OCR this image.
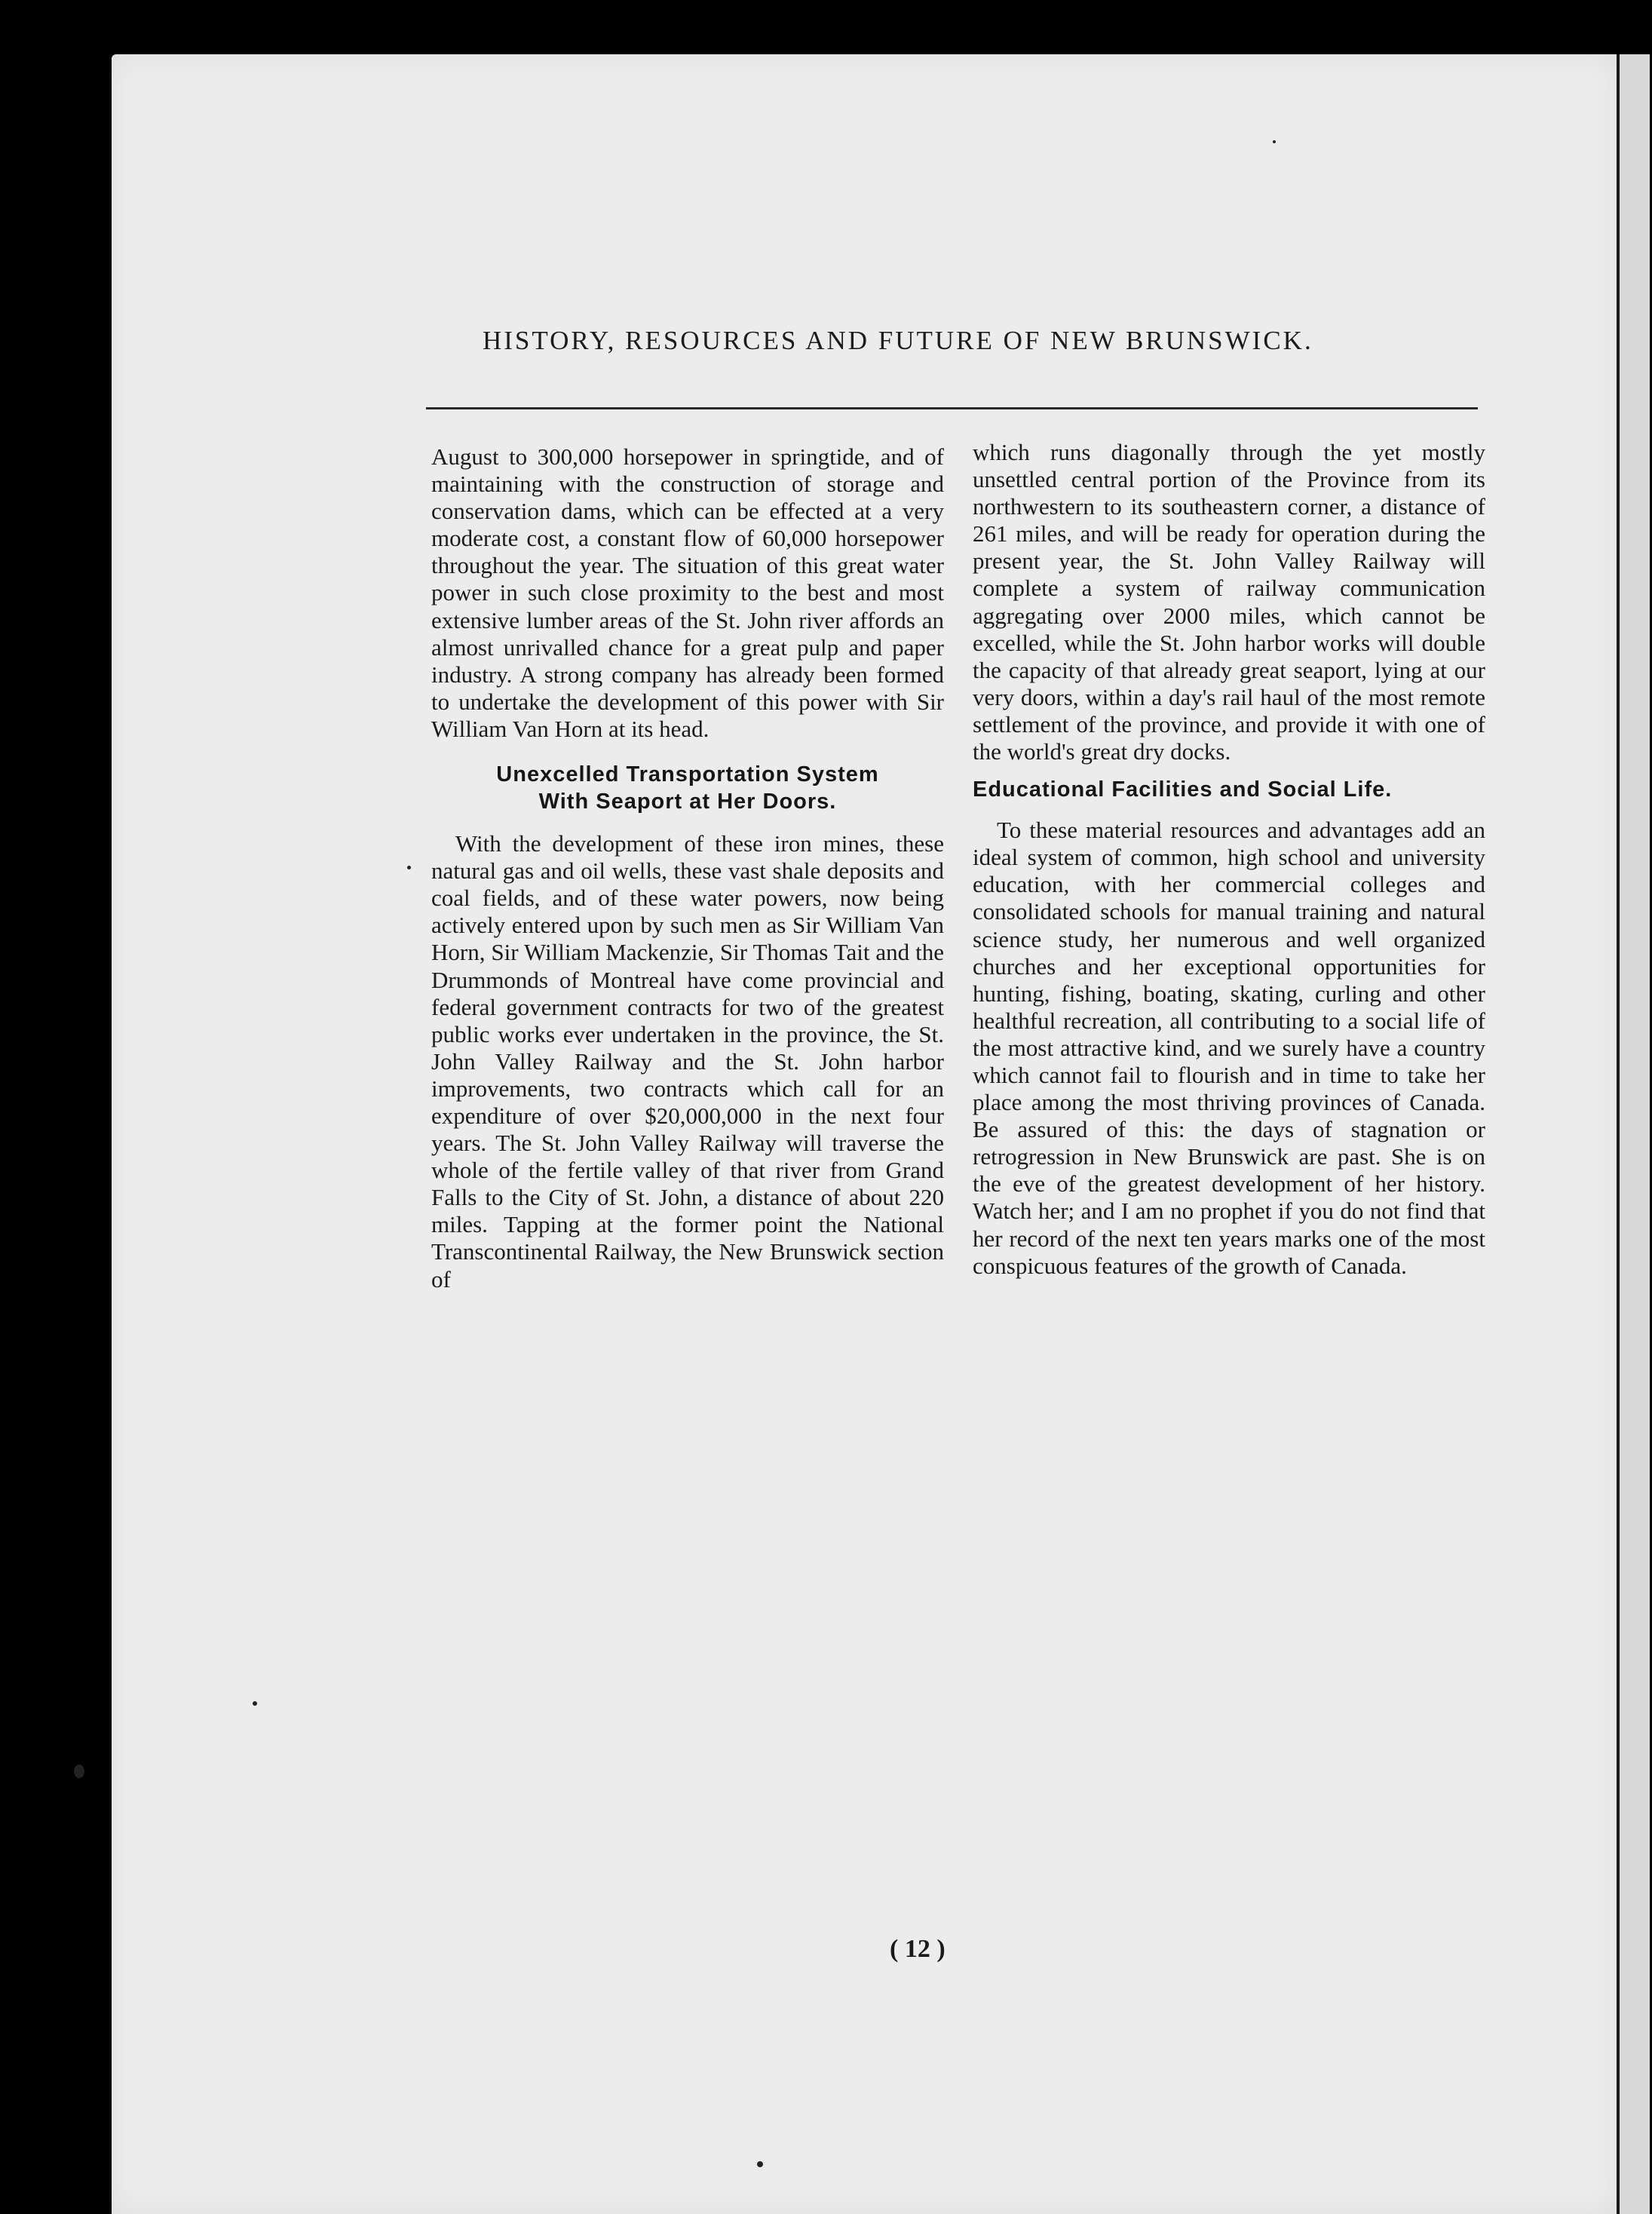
HISTORY, RESOURCES AND FUTURE OF NEW BRUNSWICK.

August to 300,000 horsepower in springtide, and of maintaining with the construction of storage and conservation dams, which can be effected at a very moderate cost, a constant flow of 60,000 horsepower throughout the year. The situation of this great water power in such close proximity to the best and most extensive lumber areas of the St. John river affords an almost unrivalled chance for a great pulp and paper industry. A strong company has already been formed to undertake the development of this power with Sir William Van Horn at its head.

Unexcelled Transportation System
With Seaport at Her Doors.

With the development of these iron mines, these natural gas and oil wells, these vast shale deposits and coal fields, and of these water powers, now being actively entered upon by such men as Sir William Van Horn, Sir William Mackenzie, Sir Thomas Tait and the Drummonds of Montreal have come provincial and federal government contracts for two of the greatest public works ever undertaken in the province, the St. John Valley Railway and the St. John harbor improvements, two contracts which call for an expenditure of over $20,000,000 in the next four years. The St. John Valley Railway will traverse the whole of the fertile valley of that river from Grand Falls to the City of St. John, a distance of about 220 miles. Tapping at the former point the National Transcontinental Railway, the New Brunswick section of

which runs diagonally through the yet mostly unsettled central portion of the Province from its northwestern to its southeastern corner, a distance of 261 miles, and will be ready for operation during the present year, the St. John Valley Railway will complete a system of railway communication aggregating over 2000 miles, which cannot be excelled, while the St. John harbor works will double the capacity of that already great seaport, lying at our very doors, within a day's rail haul of the most remote settlement of the province, and provide it with one of the world's great dry docks.

Educational Facilities and Social Life.

To these material resources and advantages add an ideal system of common, high school and university education, with her commercial colleges and consolidated schools for manual training and natural science study, her numerous and well organized churches and her exceptional opportunities for hunting, fishing, boating, skating, curling and other healthful recreation, all contributing to a social life of the most attractive kind, and we surely have a country which cannot fail to flourish and in time to take her place among the most thriving provinces of Canada. Be assured of this: the days of stagnation or retrogression in New Brunswick are past. She is on the eve of the greatest development of her history. Watch her; and I am no prophet if you do not find that her record of the next ten years marks one of the most conspicuous features of the growth of Canada.

( 12 )
